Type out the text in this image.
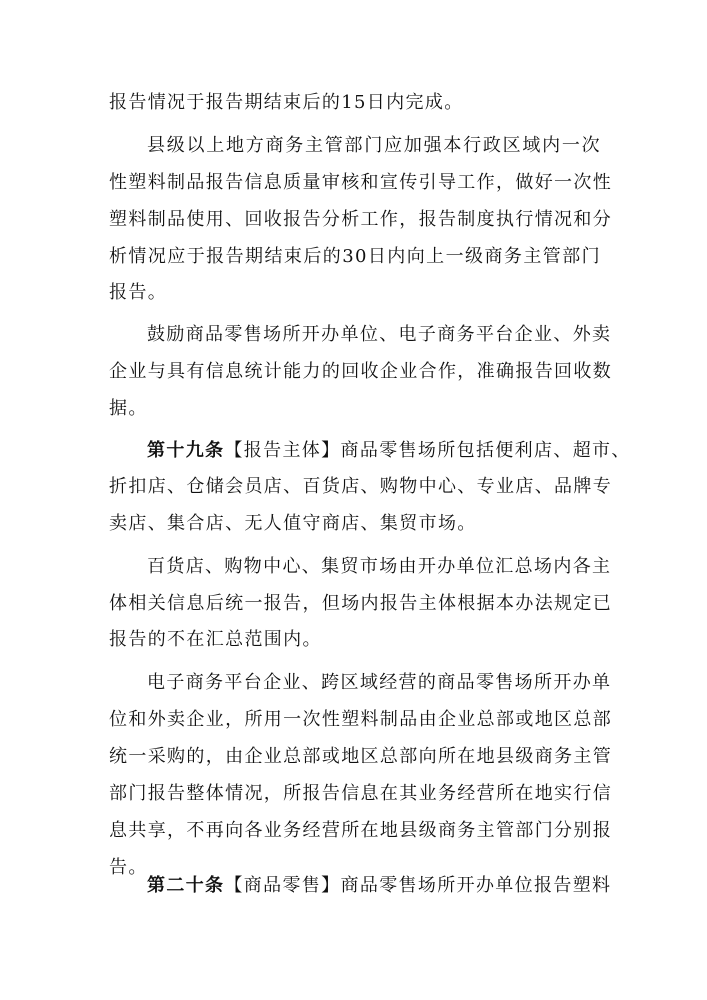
报告情况于报告期结束后的15日内完成。
县级以上地方商务主管部门应加强本行政区域内一次
性塑料制品报告信息质量审核和宣传引导工作，做好一次性
塑料制品使用、回收报告分析工作，报告制度执行情况和分
析情况应于报告期结束后的30日内向上一级商务主管部门
报告。
鼓励商品零售场所开办单位、电子商务平台企业、外卖
企业与具有信息统计能力的回收企业合作，准确报告回收数
据。
第十九条【报告主体】商品零售场所包括便利店、超市、
折扣店、仓储会员店、百货店、购物中心、专业店、品牌专
卖店、集合店、无人值守商店、集贸市场。
百货店、购物中心、集贸市场由开办单位汇总场内各主
体相关信息后统一报告，但场内报告主体根据本办法规定已
报告的不在汇总范围内。
电子商务平台企业、跨区域经营的商品零售场所开办单
位和外卖企业，所用一次性塑料制品由企业总部或地区总部
统一采购的，由企业总部或地区总部向所在地县级商务主管
部门报告整体情况，所报告信息在其业务经营所在地实行信
息共享，不再向各业务经营所在地县级商务主管部门分别报
告。
第二十条【商品零售】商品零售场所开办单位报告塑料
